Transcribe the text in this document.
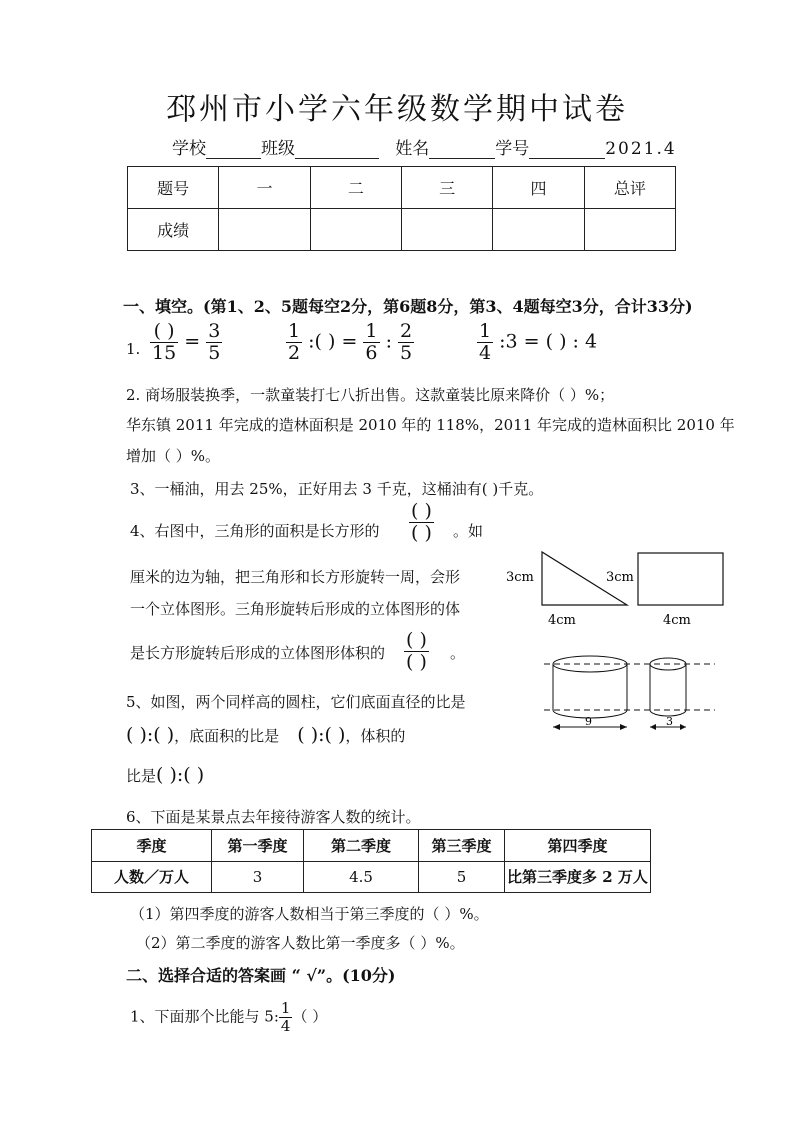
邳州市小学六年级数学期中试卷
学校	班级	姓名	学号	2021.4
题号	一	二	三	四	总评
成绩					
一、填空。(第1、2、5题每空2分，第6题8分，第3、4题每空3分，合计33分)
1. $\frac{( )}{15} = \frac{3}{5}$	$\frac{1}{2}$ :( ) = $\frac{1}{6}$ : $\frac{2}{5}$	$\frac{1}{4}$ :3 = ( ) : 4
2. 商场服装换季，一款童装打七八折出售。这款童装比原来降价（ ）%；
华东镇 2011 年完成的造林面积是 2010 年的 118%，2011 年完成的造林面积比 2010 年
增加（ ）%。
3、一桶油，用去 25%，正好用去 3 千克，这桶油有( )千克。
4、右图中，三角形的面积是长方形的 $\frac{( )}{( )}$ 。如
厘米的边为轴，把三角形和长方形旋转一周，会形
一个立体图形。三角形旋转后形成的立体图形的体
是长方形旋转后形成的立体图形体积的 $\frac{( )}{( )}$ 。
3cm
4cm
3cm
4cm
9	3
5、如图，两个同样高的圆柱，它们底面直径的比是
( ):( )，底面积的比是 ( ):( )，体积的
比是( ):( )
6、下面是某景点去年接待游客人数的统计。
季度	第一季度	第二季度	第三季度	第四季度
人数／万人	3	4.5	5	比第三季度多 2 万人
（1）第四季度的游客人数相当于第三季度的（ ）%。
（2）第二季度的游客人数比第一季度多（ ）%。
二、选择合适的答案画 “ √”。(10分)
1、下面那个比能与 5: $\frac{1}{4}$ （ ）
